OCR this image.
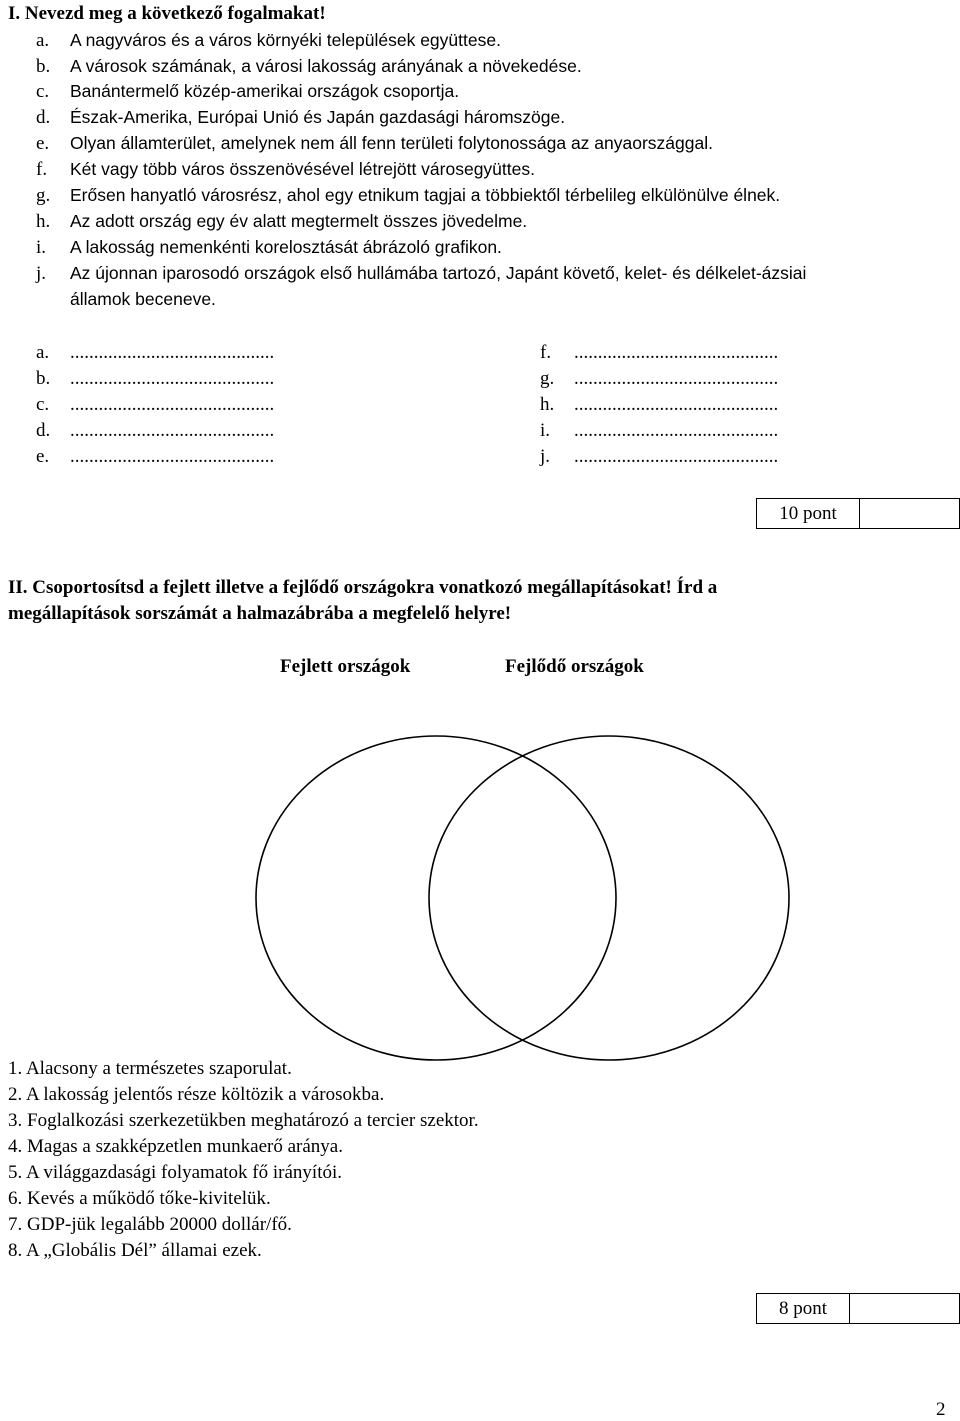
I. Nevezd meg a következő fogalmakat!
a. A nagyváros és a város környéki települések együttese.
b. A városok számának, a városi lakosság arányának a növekedése.
c. Banántermelő közép-amerikai országok csoportja.
d. Észak-Amerika, Európai Unió és Japán gazdasági háromszöge.
e. Olyan államterület, amelynek nem áll fenn területi folytonossága az anyaországgal.
f. Két vagy több város összenövésével létrejött városegyüttes.
g. Erősen hanyatló városrész, ahol egy etnikum tagjai a többiektől térbelileg elkülönülve élnek.
h. Az adott ország egy év alatt megtermelt összes jövedelme.
i. A lakosság nemenkénti korelosztását ábrázoló grafikon.
j. Az újonnan iparosodó országok első hullámába tartozó, Japánt követő, kelet- és délkelet-ázsiai
államok beceneve.
a. ...........................................
b. ...........................................
c. ...........................................
d. ...........................................
e. ...........................................
f. ...........................................
g. ...........................................
h. ...........................................
i. ...........................................
j. ...........................................
10 pont
II. Csoportosítsd a fejlett illetve a fejlődő országokra vonatkozó megállapításokat! Írd a
megállapítások sorszámát a halmazábrába a megfelelő helyre!
Fejlett országok	Fejlődő országok
1. Alacsony a természetes szaporulat.
2. A lakosság jelentős része költözik a városokba.
3. Foglalkozási szerkezetükben meghatározó a tercier szektor.
4. Magas a szakképzetlen munkaerő aránya.
5. A világgazdasági folyamatok fő irányítói.
6. Kevés a működő tőke-kivitelük.
7. GDP-jük legalább 20000 dollár/fő.
8. A „Globális Dél” államai ezek.
8 pont
2
